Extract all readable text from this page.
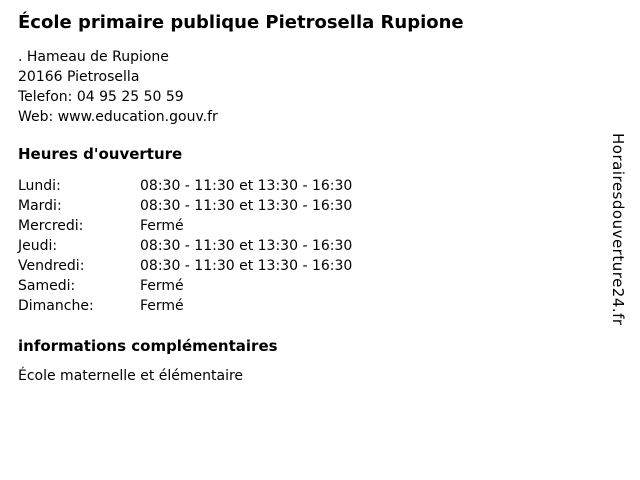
École primaire publique Pietrosella Rupione
. Hameau de Rupione
20166 Pietrosella
Telefon: 04 95 25 50 59
Web: www.education.gouv.fr
Heures d'ouverture
Lundi:	08:30 - 11:30 et 13:30 - 16:30
Mardi:	08:30 - 11:30 et 13:30 - 16:30
Mercredi:	Fermé
Jeudi:	08:30 - 11:30 et 13:30 - 16:30
Vendredi:	08:30 - 11:30 et 13:30 - 16:30
Samedi:	Fermé
Dimanche:	Fermé
informations complémentaires
École maternelle et élémentaire
Horairesdouverture24.fr
